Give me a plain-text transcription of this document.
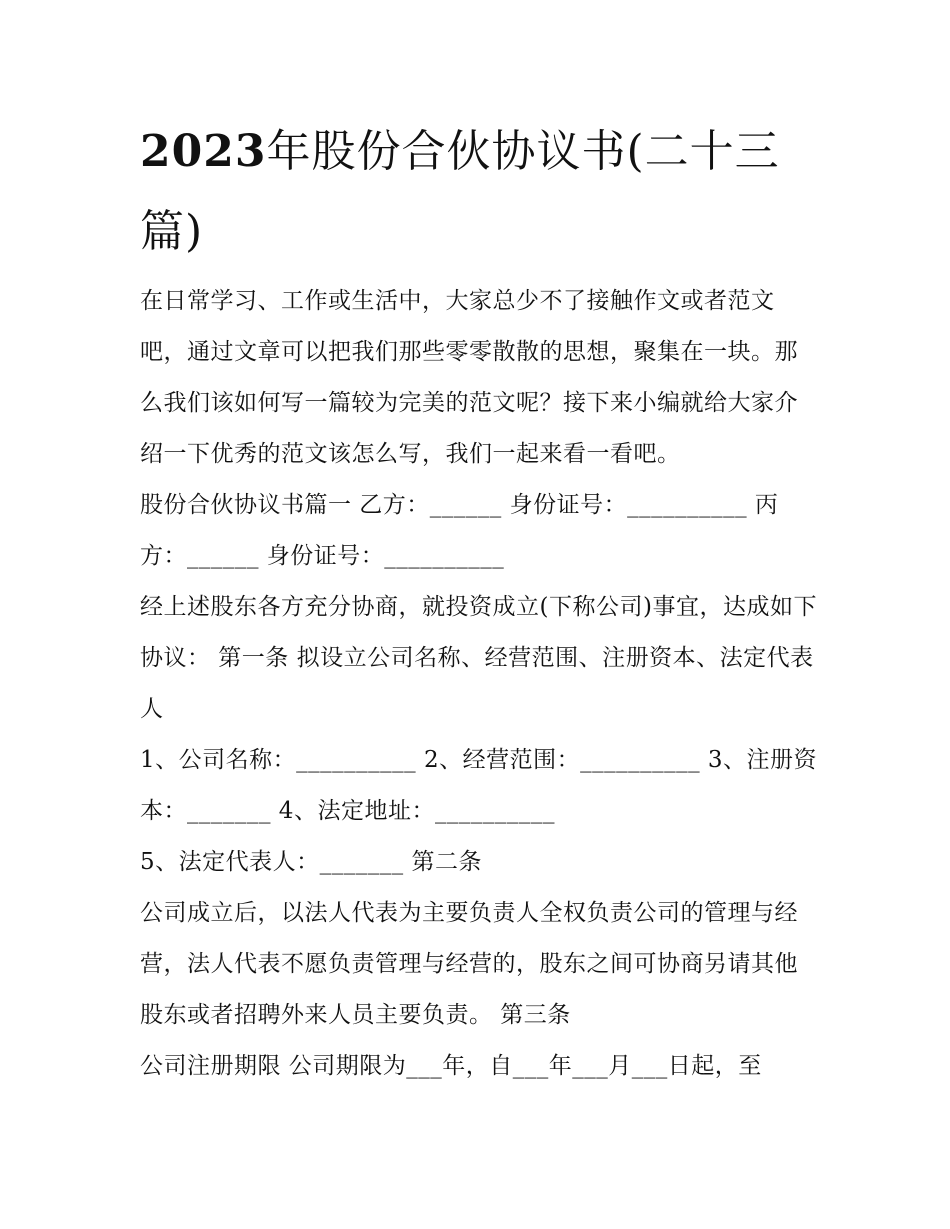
2023年股份合伙协议书(二十三篇)

在日常学习、工作或生活中，大家总少不了接触作文或者范文吧，通过文章可以把我们那些零零散散的思想，聚集在一块。那么我们该如何写一篇较为完美的范文呢？接下来小编就给大家介绍一下优秀的范文该怎么写，我们一起来看一看吧。

股份合伙协议书篇一 乙方：______ 身份证号：__________ 丙方：______ 身份证号：__________

经上述股东各方充分协商，就投资成立(下称公司)事宜，达成如下协议： 第一条 拟设立公司名称、经营范围、注册资本、法定代表人

1、公司名称：__________ 2、经营范围：__________ 3、注册资本：_______ 4、法定地址：__________

5、法定代表人：_______ 第二条

公司成立后，以法人代表为主要负责人全权负责公司的管理与经营，法人代表不愿负责管理与经营的，股东之间可协商另请其他股东或者招聘外来人员主要负责。 第三条

公司注册期限 公司期限为___年，自___年___月___日起，至
